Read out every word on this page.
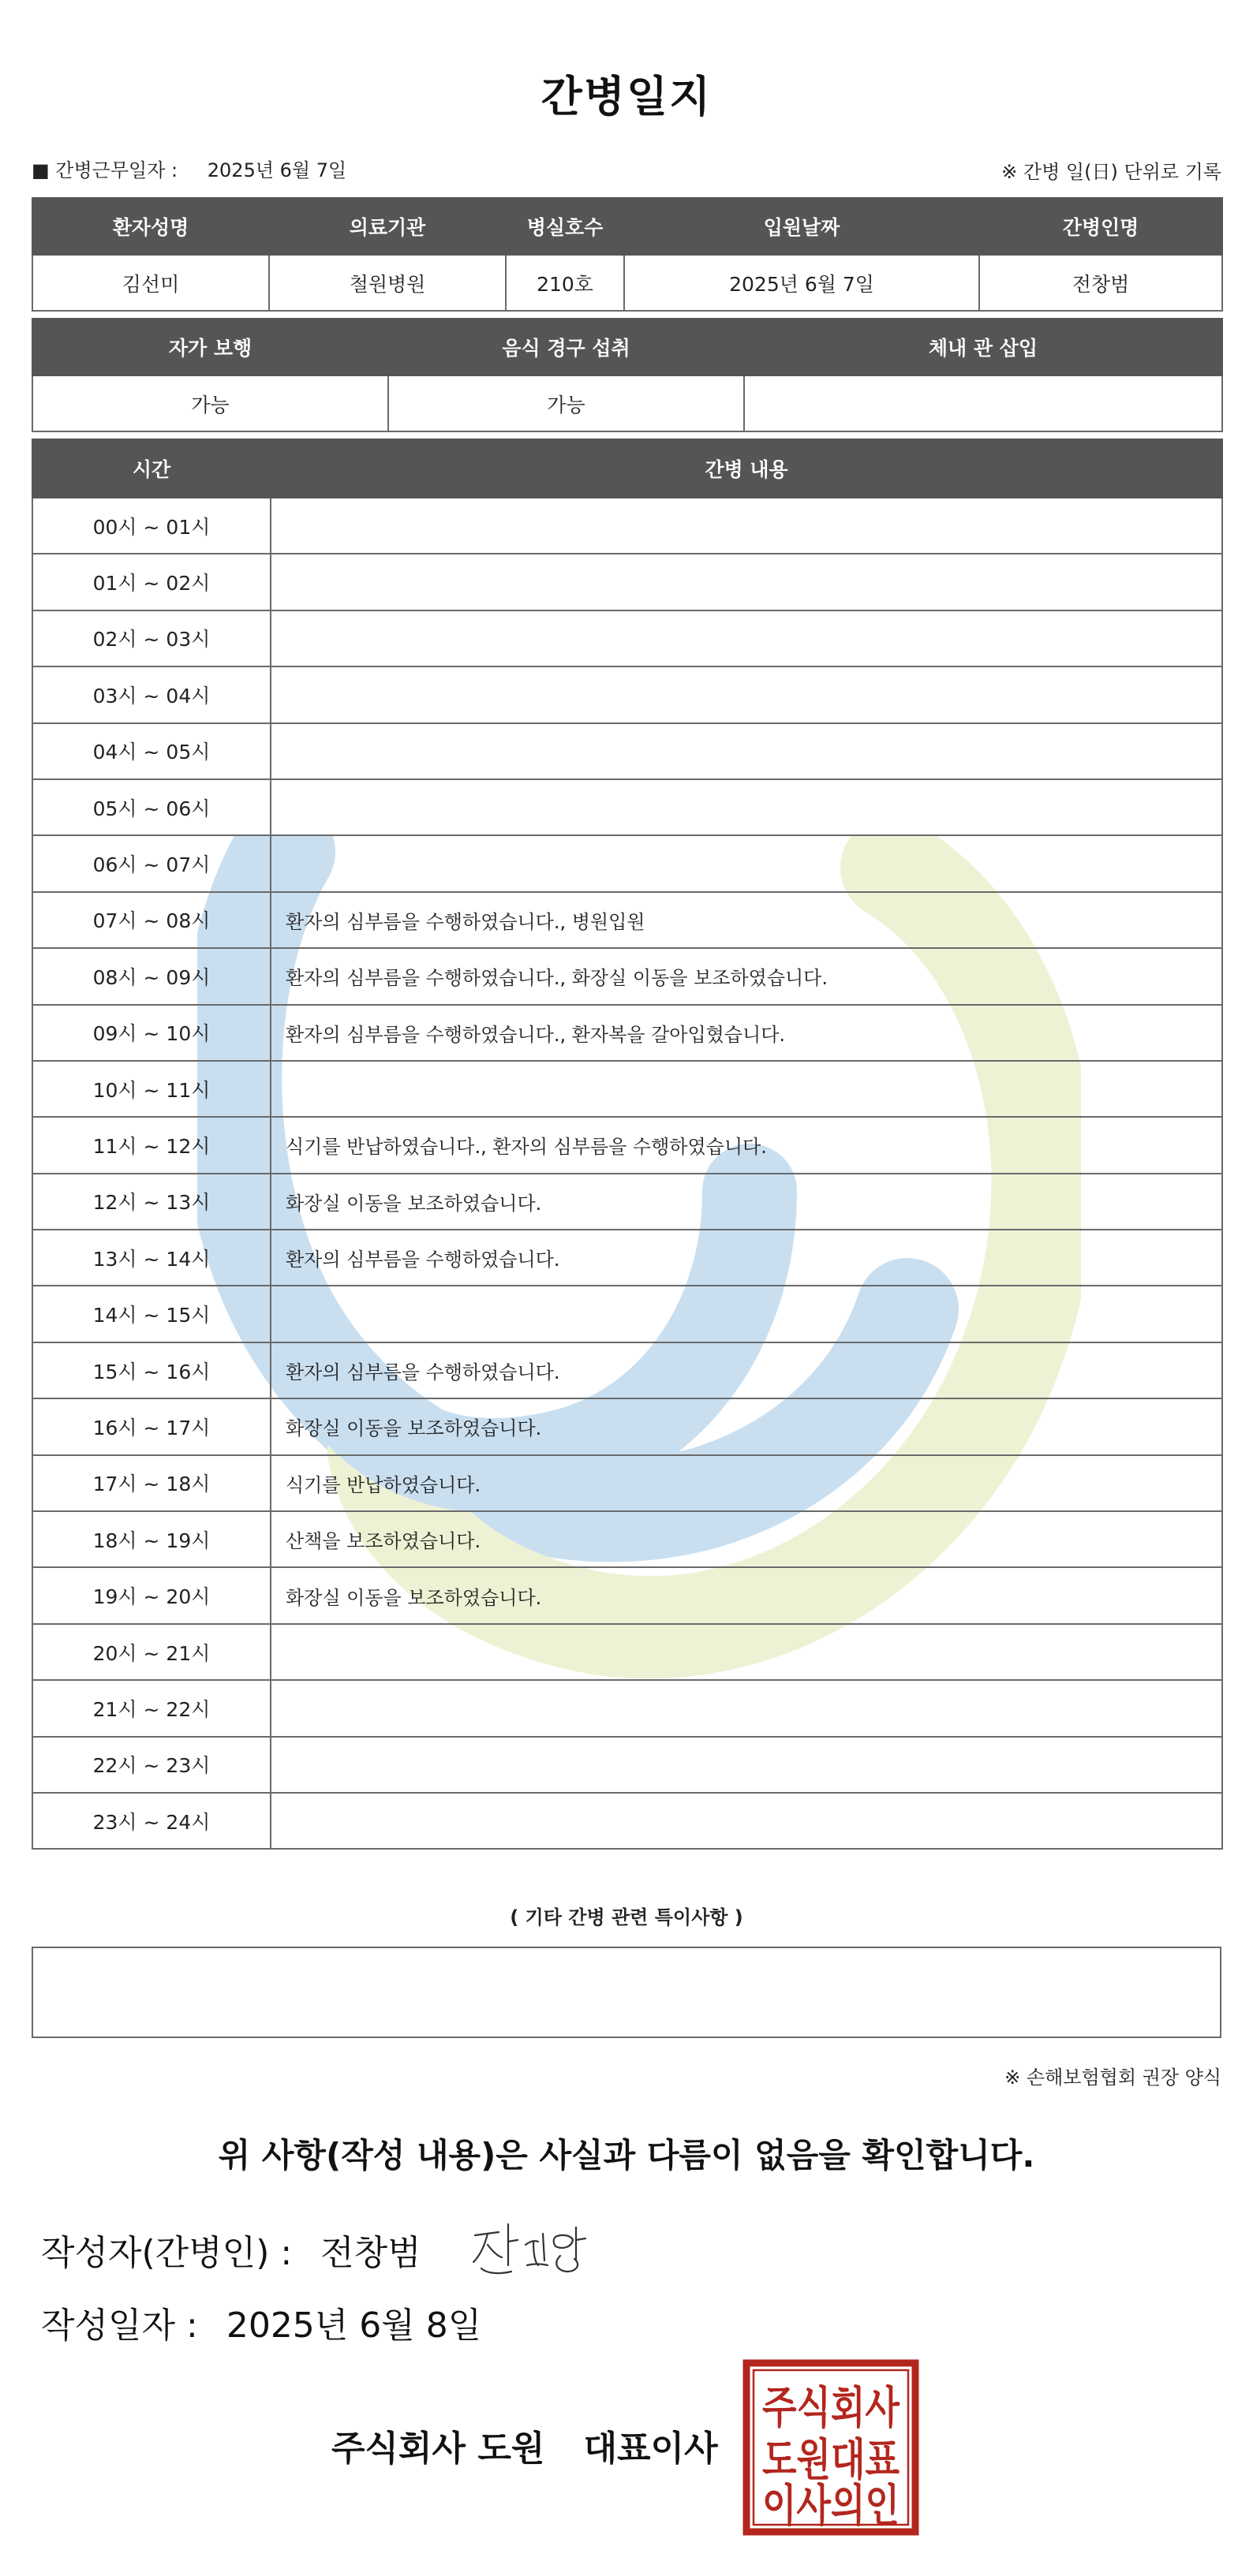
간병일지
■ 간병근무일자 : 2025년 6월 7일	※ 간병 일(日) 단위로 기록
환자성명	의료기관	병실호수	입원날짜	간병인명
김선미	철원병원	210호	2025년 6월 7일	전창범
자가 보행	음식 경구 섭취	체내 관 삽입
가능	가능	
시간	간병 내용
00시 ~ 01시	
01시 ~ 02시	
02시 ~ 03시	
03시 ~ 04시	
04시 ~ 05시	
05시 ~ 06시	
06시 ~ 07시	
07시 ~ 08시	환자의 심부름을 수행하였습니다., 병원입원
08시 ~ 09시	환자의 심부름을 수행하였습니다., 화장실 이동을 보조하였습니다.
09시 ~ 10시	환자의 심부름을 수행하였습니다., 환자복을 갈아입혔습니다.
10시 ~ 11시	
11시 ~ 12시	식기를 반납하였습니다., 환자의 심부름을 수행하였습니다.
12시 ~ 13시	화장실 이동을 보조하였습니다.
13시 ~ 14시	환자의 심부름을 수행하였습니다.
14시 ~ 15시	
15시 ~ 16시	환자의 심부름을 수행하였습니다.
16시 ~ 17시	화장실 이동을 보조하였습니다.
17시 ~ 18시	식기를 반납하였습니다.
18시 ~ 19시	산책을 보조하였습니다.
19시 ~ 20시	화장실 이동을 보조하였습니다.
20시 ~ 21시	
21시 ~ 22시	
22시 ~ 23시	
23시 ~ 24시	
( 기타 간병 관련 특이사항 )
※ 손해보험협회 권장 양식
위 사항(작성 내용)은 사실과 다름이 없음을 확인합니다.
작성자(간병인) : 전창범
작성일자 : 2025년 6월 8일
주식회사 도원 대표이사
주식회사
도원대표
이사의인
